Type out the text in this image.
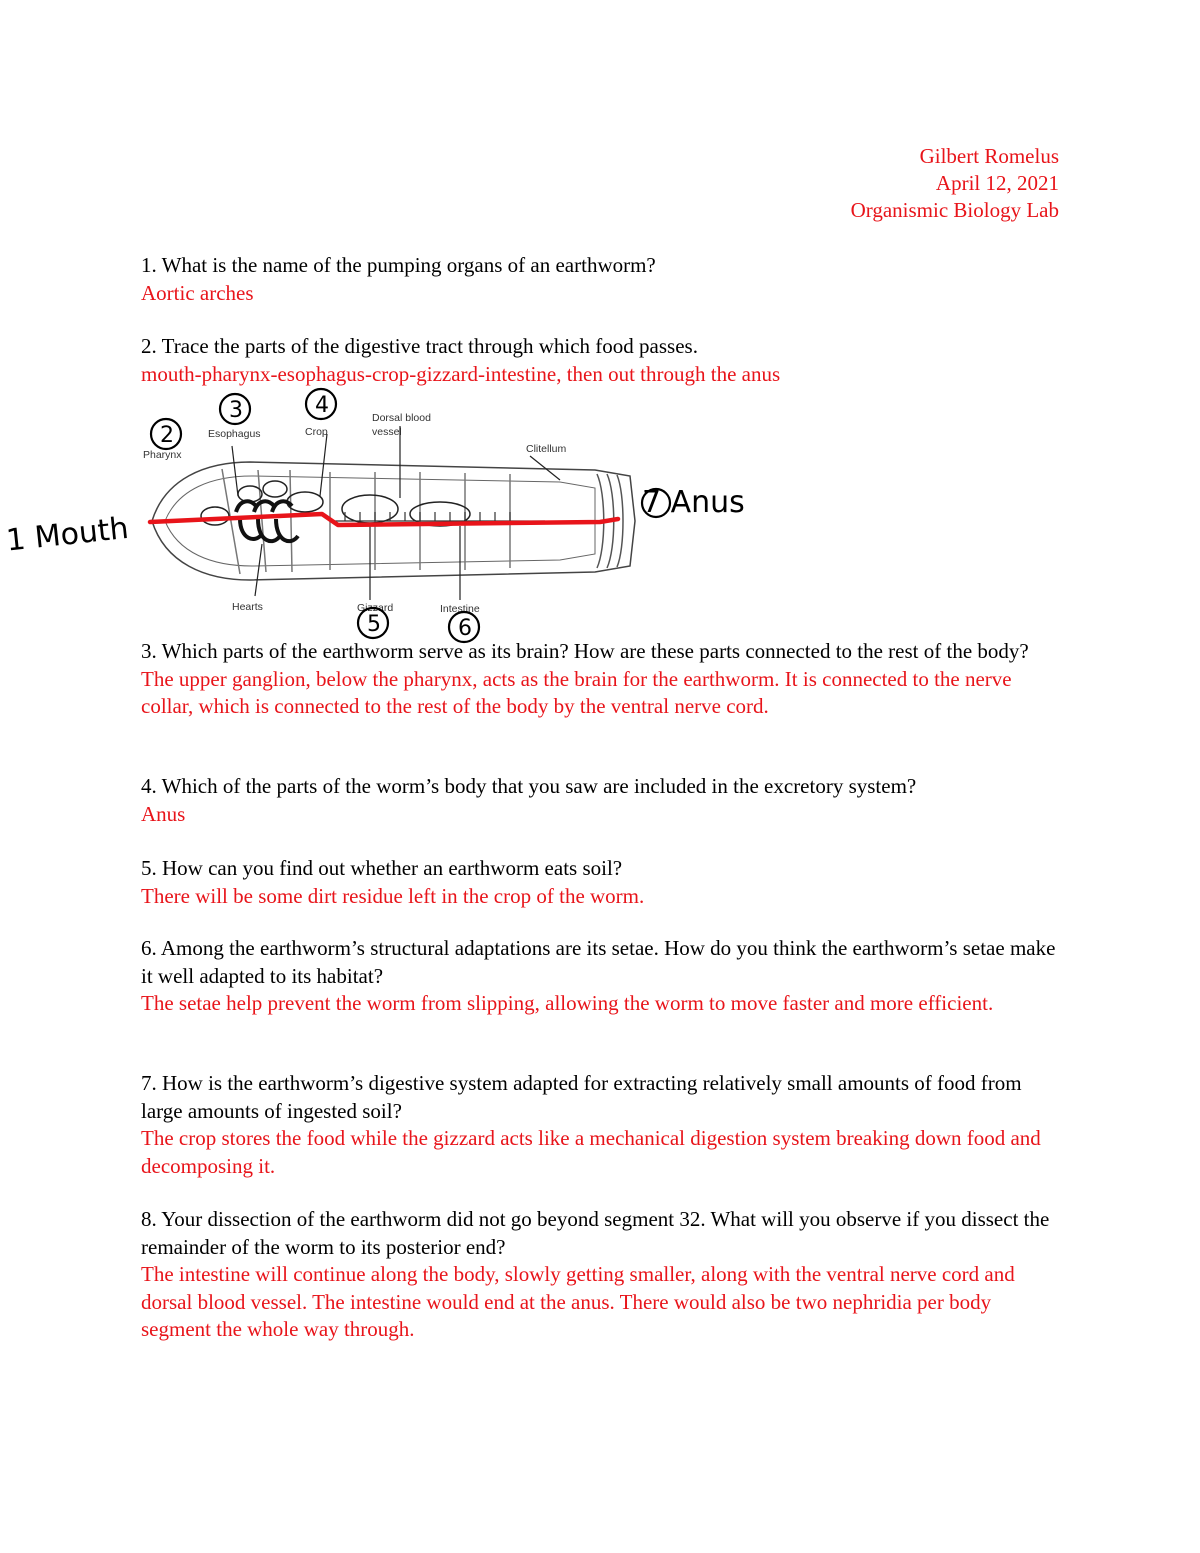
Gilbert Romelus
April 12, 2021
Organismic Biology Lab
1. What is the name of the pumping organs of an earthworm?
Aortic arches
2. Trace the parts of the digestive tract through which food passes.
mouth-pharynx-esophagus-crop-gizzard-intestine, then out through the anus
Pharynx
Esophagus	Crop
Dorsal blood
vessel
Clitellum
Hearts	Gizzard	Intestine
2
3	4
5	6
1 Mouth
7 Anus
3. Which parts of the earthworm serve as its brain? How are these parts connected to the rest of the body?
The upper ganglion, below the pharynx, acts as the brain for the earthworm. It is connected to the nerve collar, which is connected to the rest of the body by the ventral nerve cord.
4. Which of the parts of the worm’s body that you saw are included in the excretory system?
Anus
5. How can you find out whether an earthworm eats soil?
There will be some dirt residue left in the crop of the worm.
6. Among the earthworm’s structural adaptations are its setae. How do you think the earthworm’s setae make it well adapted to its habitat?
The setae help prevent the worm from slipping, allowing the worm to move faster and more efficient.
7. How is the earthworm’s digestive system adapted for extracting relatively small amounts of food from large amounts of ingested soil?
The crop stores the food while the gizzard acts like a mechanical digestion system breaking down food and decomposing it.
8. Your dissection of the earthworm did not go beyond segment 32. What will you observe if you dissect the remainder of the worm to its posterior end?
The intestine will continue along the body, slowly getting smaller, along with the ventral nerve cord and dorsal blood vessel. The intestine would end at the anus. There would also be two nephridia per body segment the whole way through.
